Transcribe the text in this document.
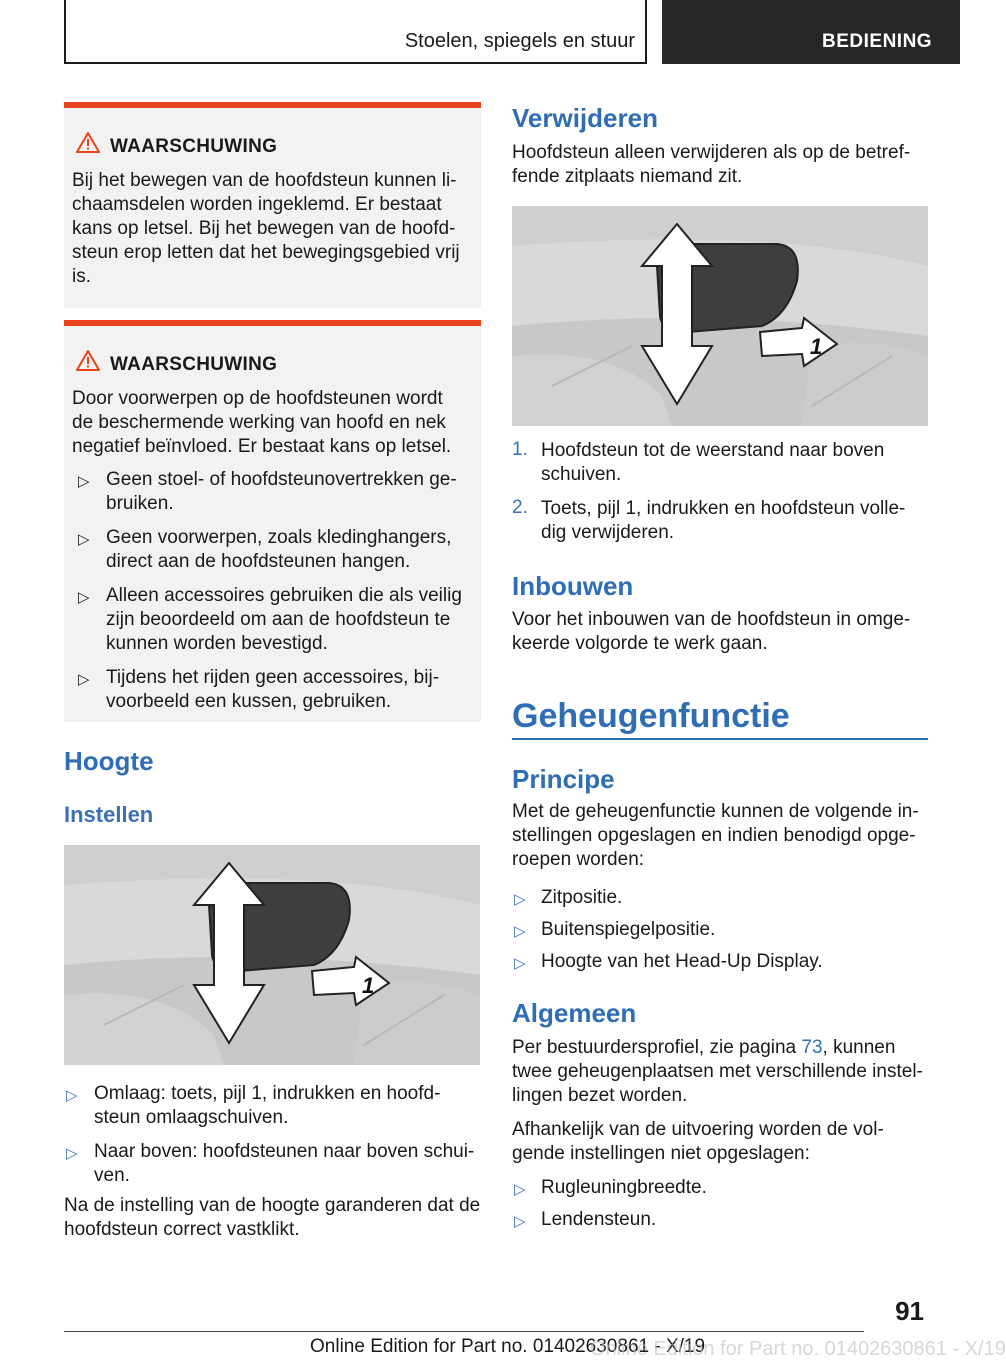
Stoelen, spiegels en stuur	BEDIENING
WAARSCHUWING
Bij het bewegen van de hoofdsteun kunnen li-
chaamsdelen worden ingeklemd. Er bestaat
kans op letsel. Bij het bewegen van de hoofd-
steun erop letten dat het bewegingsgebied vrij
is.
WAARSCHUWING
Door voorwerpen op de hoofdsteunen wordt
de beschermende werking van hoofd en nek
negatief beïnvloed. Er bestaat kans op letsel.
▷ Geen stoel- of hoofdsteunovertrekken ge-
bruiken.
▷ Geen voorwerpen, zoals kledinghangers,
direct aan de hoofdsteunen hangen.
▷ Alleen accessoires gebruiken die als veilig
zijn beoordeeld om aan de hoofdsteun te
kunnen worden bevestigd.
▷ Tijdens het rijden geen accessoires, bij-
voorbeeld een kussen, gebruiken.
Hoogte
Instellen
1
▷ Omlaag: toets, pijl 1, indrukken en hoofd-
steun omlaagschuiven.
▷ Naar boven: hoofdsteunen naar boven schui-
ven.
Na de instelling van de hoogte garanderen dat de
hoofdsteun correct vastklikt.
Verwijderen
Hoofdsteun alleen verwijderen als op de betref-
fende zitplaats niemand zit.
1
1. Hoofdsteun tot de weerstand naar boven
schuiven.
2. Toets, pijl 1, indrukken en hoofdsteun volle-
dig verwijderen.
Inbouwen
Voor het inbouwen van de hoofdsteun in omge-
keerde volgorde te werk gaan.
Geheugenfunctie
Principe
Met de geheugenfunctie kunnen de volgende in-
stellingen opgeslagen en indien benodigd opge-
roepen worden:
▷ Zitpositie.
▷ Buitenspiegelpositie.
▷ Hoogte van het Head-Up Display.
Algemeen
Per bestuurdersprofiel, zie pagina 73, kunnen
twee geheugenplaatsen met verschillende instel-
lingen bezet worden.
Afhankelijk van de uitvoering worden de vol-
gende instellingen niet opgeslagen:
▷ Rugleuningbreedte.
▷ Lendensteun.
91
Online Edition for Part no. 01402630861 - X/19
Online Edition for Part no. 01402630861 - X/19
